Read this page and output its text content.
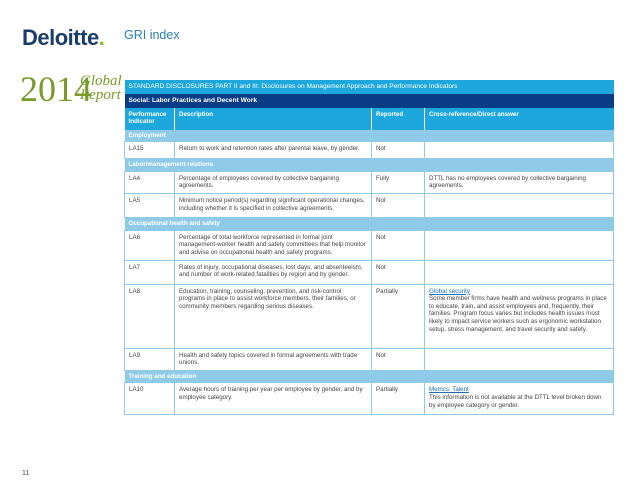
Deloitte. GRI index
2014
Global
Report
STANDARD DISCLOSURES PART II and III: Disclosures on Management Approach and Performance Indicators			
Social: Labor Practices and Decent Work			
Performance Indicator	Description	Reported	Cross-reference/Direct answer
Employment			
LA15	Return to work and retention rates after parental leave, by gender.	Not	
Labor/management relations			
LA4	Percentage of employees covered by collective bargaining agreements.	Fully	DTTL has no employees covered by collective bargaining agreements.
LA5	Minimum notice period(s) regarding significant operational changes, including whether it is specified in collective agreements.	Not	
Occupational health and safety			
LA6	Percentage of total workforce represented in formal joint management-worker health and safety committees that help monitor and advise on occupational health and safety programs.	Not	
LA7	Rates of injury, occupational diseases, lost days, and absenteeism, and number of work-related fatalities by region and by gender.	Not	
LA8	Education, training, counseling, prevention, and risk-control programs in place to assist workforce members, their families, or community members regarding serious diseases.	Partially	Global security
Some member firms have health and wellness programs in place to educate, train, and assist employees and, frequently, their families. Program focus varies but includes health issues most likely to impact service workers such as ergonomic workstation setup, stress management, and travel security and safety.

LA9	Health and safety topics covered in formal agreements with trade unions.	Not	
Training and education			
LA10	Average hours of training per year per employee by gender, and by employee category.	Partially	Metrics: Talent
This information is not available at the DTTL level broken down by employee category or gender.
11
